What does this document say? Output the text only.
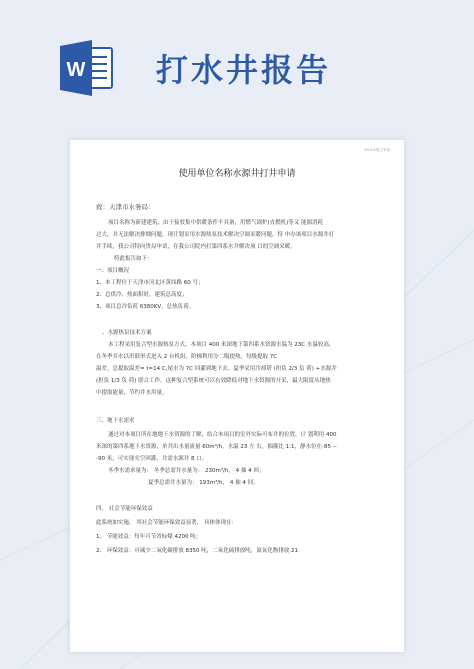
W 打水井报告
2024年施工申请
使用单位名称水源井打井申请
致：天津市水务局：
项目名称为新建建筑，由于接驳集中供暖条件不具备，用燃气锅炉(直燃机)等又 能源消耗
过大，并无法解决排烟问题，现计划采用水源热泵技术解决空调采暖问题，特 申办该项目水源井打
井手续，我公司特向贵局申请，在我公司院内打第四系水井解决项 目的空调采暖。
特此报告如下：
一、项目概况
1、本工程位于天津市河北区黄纬路 60 号；
2、总供冷、热面积时，建筑总高度；
3、项目总冷负荷 6380KV，总热负荷。
、水源热泵技术方案
本工程采用复合型水源热泵方式，本项目 400 米深地下第四系水资源水温为 23C 水温较高,
在冬季并水以串联形式进入 2 台机组，阶梯利用分二级提热，每级提取 7C
温差，总提取温差= t=14 C,尾水为 7C 回灌到地下去。夏季采用冷却塔 (担负 2/3 负 荷) +水源井
(担负 1/3 负 荷) 联合工作，这种复合型系统可以有效降低对地下水资源的开采，最大限度从地热
中提取能量，节约井水用量。
三、地下水需求
通过对本项目所在地地下水资源的了解，结合本项目的室外实际可布井的位置，计 划利用 400
米深的第四系地下水资源，单井出水量流量 60m³/h，水温 23 左 右，抽灌比 1:1，静水位在-85 --
-90 米，可实现夹空回灌，共需水源井 8 口。
冬季水需求量为： 冬季总需井水量为： 230m³/h， 4 抽 4 回；
夏季总需井水量为： 193m³/h， 4 抽 4 回。
四、 社会节能环保效益
此系统如实施， 其社会节能环保效益显著， 具体体现在：
1、 节能效益：每年可节省标煤 4200 吨；
2、 环保效益：可减少二氧化碳排放 8350 吨，二氧化硫排放吨，氮氧化物排放 21
